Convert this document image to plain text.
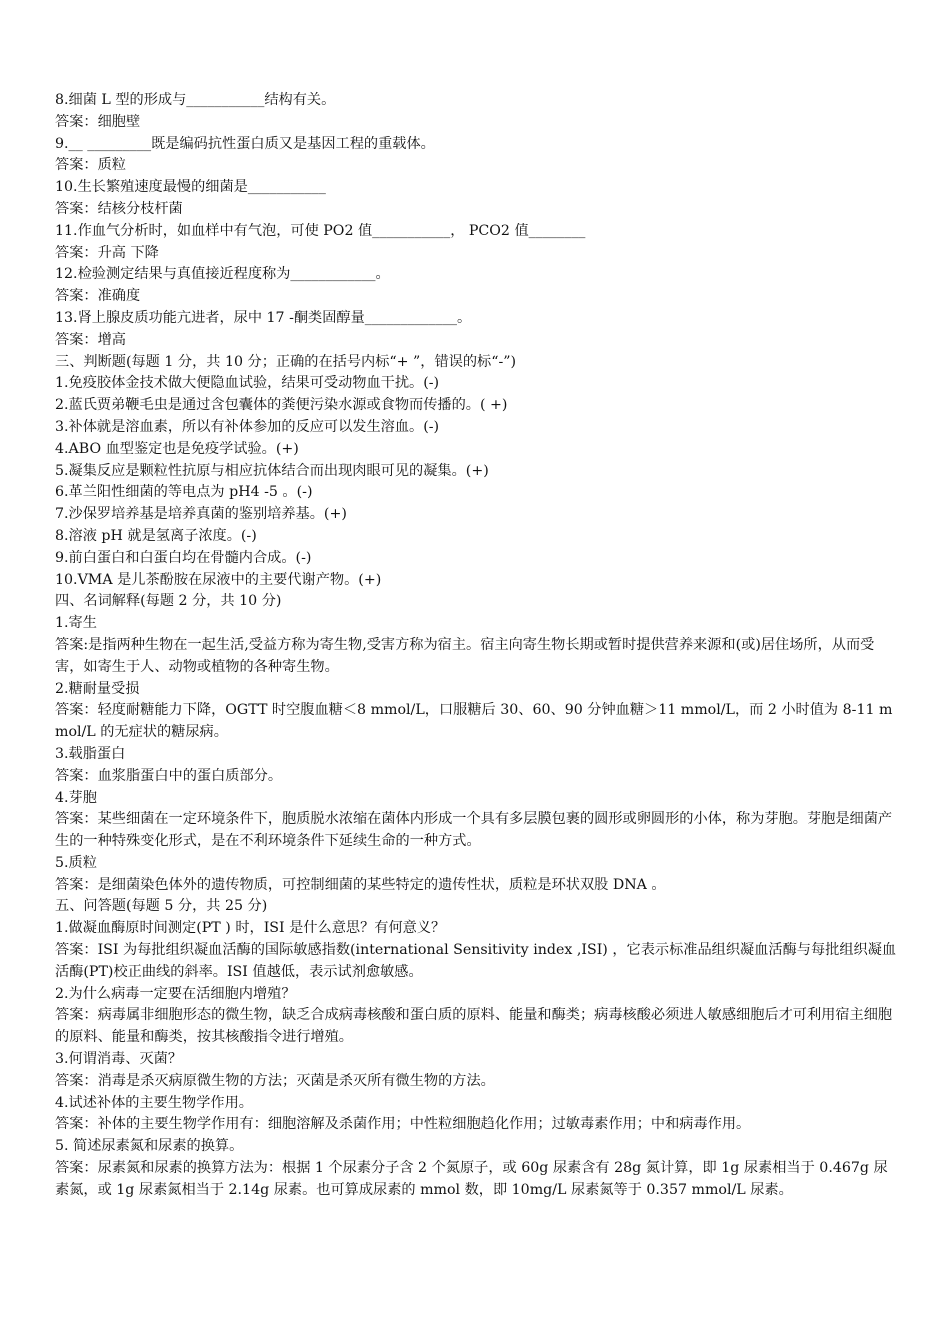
8.细菌 L 型的形成与___________结构有关。
答案：细胞壁
9.__ _________既是编码抗性蛋白质又是基因工程的重载体。
答案：质粒
10.生长繁殖速度最慢的细菌是___________
答案：结核分枝杆菌
11.作血气分析时，如血样中有气泡，可使 PO2 值___________， PCO2 值________
答案：升高 下降
12.检验测定结果与真值接近程度称为____________。
答案：准确度
13.肾上腺皮质功能亢进者，尿中 17 -酮类固醇量_____________。
答案：增高
三、判断题(每题 1 分，共 10 分；正确的在括号内标“+ ”，错误的标“-”)
1.免疫胶体金技术做大便隐血试验，结果可受动物血干扰。(-)
2.蓝氏贾弟鞭毛虫是通过含包囊体的粪便污染水源或食物而传播的。( +)
3.补体就是溶血素，所以有补体参加的反应可以发生溶血。(-)
4.ABO 血型鉴定也是免疫学试验。(+)
5.凝集反应是颗粒性抗原与相应抗体结合而出现肉眼可见的凝集。(+)
6.革兰阳性细菌的等电点为 pH4 -5 。(-)
7.沙保罗培养基是培养真菌的鉴别培养基。(+)
8.溶液 pH 就是氢离子浓度。(-)
9.前白蛋白和白蛋白均在骨髓内合成。(-)
10.VMA 是儿茶酚胺在尿液中的主要代谢产物。(+)
四、名词解释(每题 2 分，共 10 分)
1.寄生
答案:是指两种生物在一起生活,受益方称为寄生物,受害方称为宿主。宿主向寄生物长期或暂时提供营养来源和(或)居住场所，从而受害，如寄生于人、动物或植物的各种寄生物。
2.糖耐量受损
答案：轻度耐糖能力下降，OGTT 时空腹血糖＜8 mmol/L，口服糖后 30、60、90 分钟血糖＞11 mmol/L，而 2 小时值为 8-11 mmol/L 的无症状的糖尿病。
3.载脂蛋白
答案：血浆脂蛋白中的蛋白质部分。
4.芽胞
答案：某些细菌在一定环境条件下，胞质脱水浓缩在菌体内形成一个具有多层膜包裹的圆形或卵圆形的小体，称为芽胞。芽胞是细菌产生的一种特殊变化形式，是在不利环境条件下延续生命的一种方式。
5.质粒
答案：是细菌染色体外的遗传物质，可控制细菌的某些特定的遗传性状，质粒是环状双股 DNA 。
五、问答题(每题 5 分，共 25 分)
1.做凝血酶原时间测定(PT ) 时，ISI 是什么意思？有何意义？
答案：ISI 为每批组织凝血活酶的国际敏感指数(international Sensitivity index ,ISI) ，它表示标准品组织凝血活酶与每批组织凝血活酶(PT)校正曲线的斜率。ISI 值越低，表示试剂愈敏感。
2.为什么病毒一定要在活细胞内增殖？
答案：病毒属非细胞形态的微生物，缺乏合成病毒核酸和蛋白质的原料、能量和酶类；病毒核酸必须进人敏感细胞后才可利用宿主细胞的原料、能量和酶类，按其核酸指令进行增殖。
3.何谓消毒、灭菌？
答案：消毒是杀灭病原微生物的方法；灭菌是杀灭所有微生物的方法。
4.试述补体的主要生物学作用。
答案：补体的主要生物学作用有：细胞溶解及杀菌作用；中性粒细胞趋化作用；过敏毒素作用；中和病毒作用。
5. 简述尿素氮和尿素的换算。
答案：尿素氮和尿素的换算方法为：根据 1 个尿素分子含 2 个氮原子，或 60g 尿素含有 28g 氮计算，即 1g 尿素相当于 0.467g 尿素氮，或 1g 尿素氮相当于 2.14g 尿素。也可算成尿素的 mmol 数，即 10mg/L 尿素氮等于 0.357 mmol/L 尿素。
